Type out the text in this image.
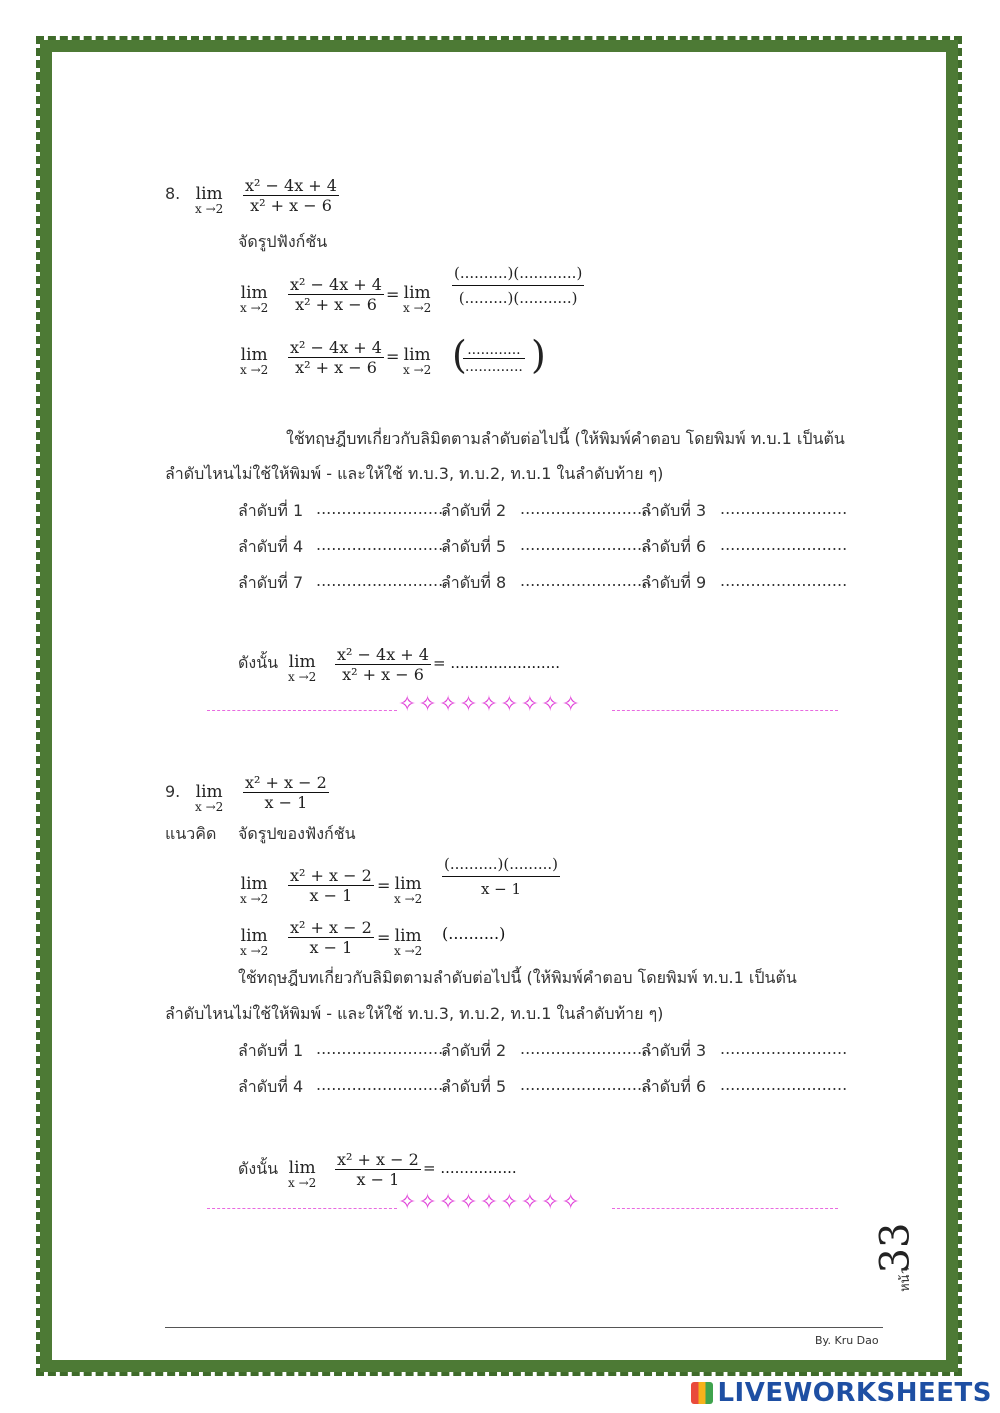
8. lim
$x \to 2 \frac{\text{x² − 4x + 4}}{\text{x² + x − 6}}$
จัดรูปฟังก์ชัน
lim
$x \to 2 \frac{\text{x² − 4x + 4}}{\text{x² + x − 6}} = \lim$
x →2
(..........)(............)
(.........)(...........)
lim
$x \to 2 \frac{\text{x² − 4x + 4}}{\text{x² + x − 6}} = \lim$
x →2 ( ............
............. )
ใช้ทฤษฎีบทเกี่ยวกับลิมิตตามลำดับต่อไปนี้ (ให้พิมพ์คำตอบ โดยพิมพ์ ท.บ.1 เป็นต้น
ลำดับไหนไม่ใช้ให้พิมพ์ - และให้ใช้ ท.บ.3, ท.บ.2, ท.บ.1 ในลำดับท้าย ๆ)
ลำดับที่ 1 ..........................
ลำดับที่ 2 ..........................
ลำดับที่ 3 .........................
ลำดับที่ 4 ..........................
ลำดับที่ 5 ..........................
ลำดับที่ 6 .........................
ลำดับที่ 7 ..........................
ลำดับที่ 8 ..........................
ลำดับที่ 9 .........................
ดังนั้น lim
$x \to 2 \frac{\text{x² − 4x + 4}}{\text{x² + x − 6}}$ = .......................
✧✧✧✧✧✧✧✧✧
9. lim
$x \to 2 \frac{\text{x² + x − 2}}{x - 1}$
แนวคิด จัดรูปของฟังก์ชัน
lim
$x \to 2 \frac{\text{x² + x − 2}}{x - 1} = \lim$
x →2
(..........)(.........)
x − 1
lim
$x \to 2 \frac{\text{x² + x − 2}}{x - 1} = \lim$
x →2
(..........)
ใช้ทฤษฎีบทเกี่ยวกับลิมิตตามลำดับต่อไปนี้ (ให้พิมพ์คำตอบ โดยพิมพ์ ท.บ.1 เป็นต้น
ลำดับไหนไม่ใช้ให้พิมพ์ - และให้ใช้ ท.บ.3, ท.บ.2, ท.บ.1 ในลำดับท้าย ๆ)
ลำดับที่ 1 ..........................
ลำดับที่ 2 ..........................
ลำดับที่ 3 .........................
ลำดับที่ 4 ..........................
ลำดับที่ 5 ..........................
ลำดับที่ 6 .........................
ดังนั้น lim
$x \to 2 \frac{\text{x² + x − 2}}{x - 1}$ = ................
✧✧✧✧✧✧✧✧✧
33
หน้า
By. Kru Dao
LIVEWORKSHEETS
